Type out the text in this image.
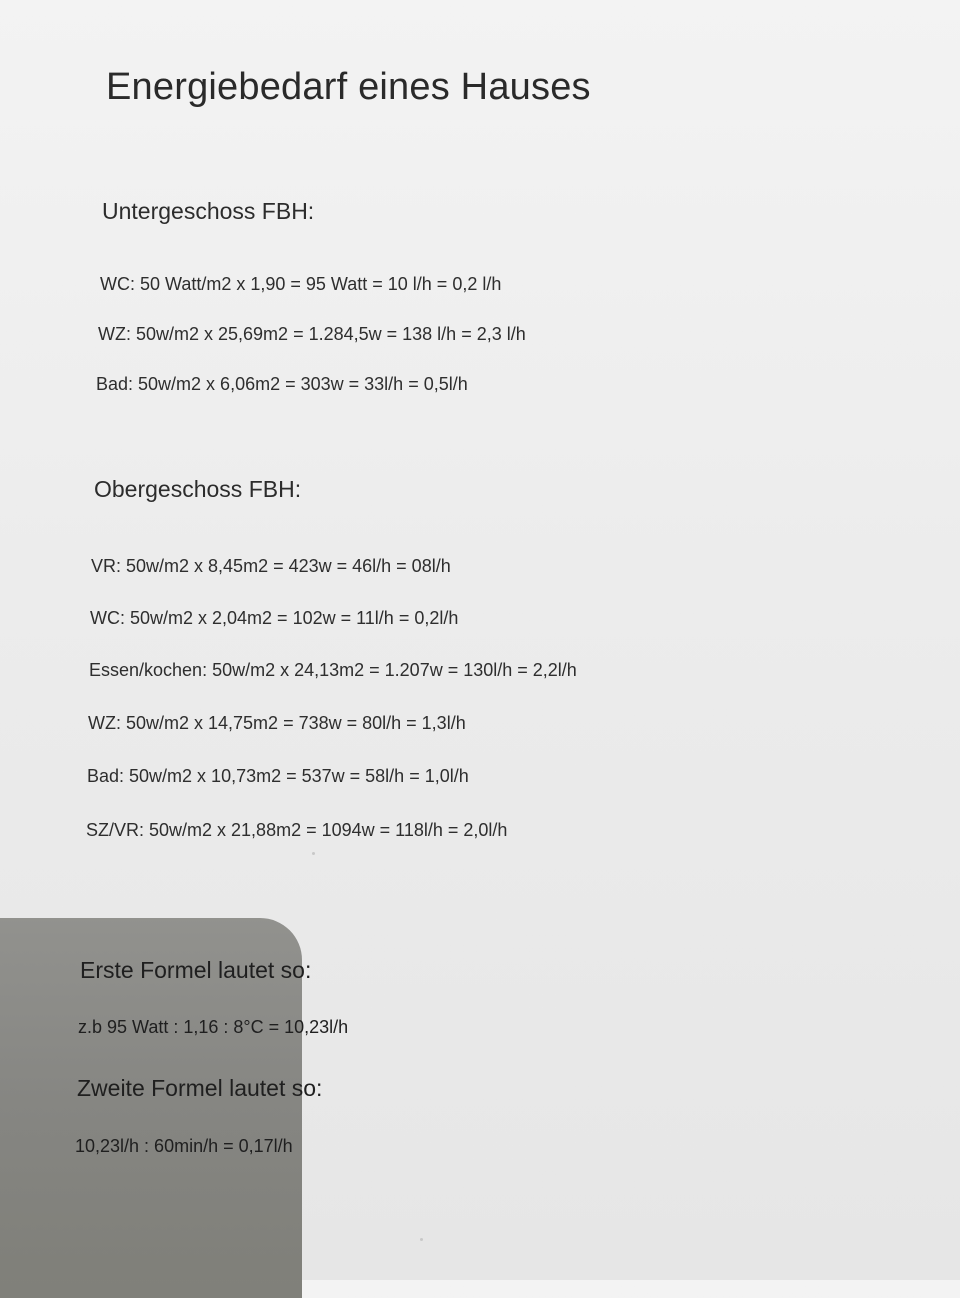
Energiebedarf eines Hauses
Untergeschoss FBH:

WC: 50 Watt/m2 x 1,90 = 95 Watt = 10 l/h = 0,2 l/h

WZ: 50w/m2 x 25,69m2 = 1.284,5w = 138 l/h = 2,3 l/h

Bad: 50w/m2 x 6,06m2 = 303w = 33l/h = 0,5l/h

Obergeschoss FBH:

VR: 50w/m2 x 8,45m2 = 423w = 46l/h = 08l/h

WC: 50w/m2 x 2,04m2 = 102w = 11l/h = 0,2l/h

Essen/kochen: 50w/m2 x 24,13m2 = 1.207w = 130l/h = 2,2l/h

WZ: 50w/m2 x 14,75m2 = 738w = 80l/h = 1,3l/h

Bad: 50w/m2 x 10,73m2 = 537w = 58l/h = 1,0l/h

SZ/VR: 50w/m2 x 21,88m2 = 1094w = 118l/h = 2,0l/h

Erste Formel lautet so:

z.b 95 Watt : 1,16 : 8°C = 10,23l/h

Zweite Formel lautet so:

10,23l/h : 60min/h = 0,17l/h
